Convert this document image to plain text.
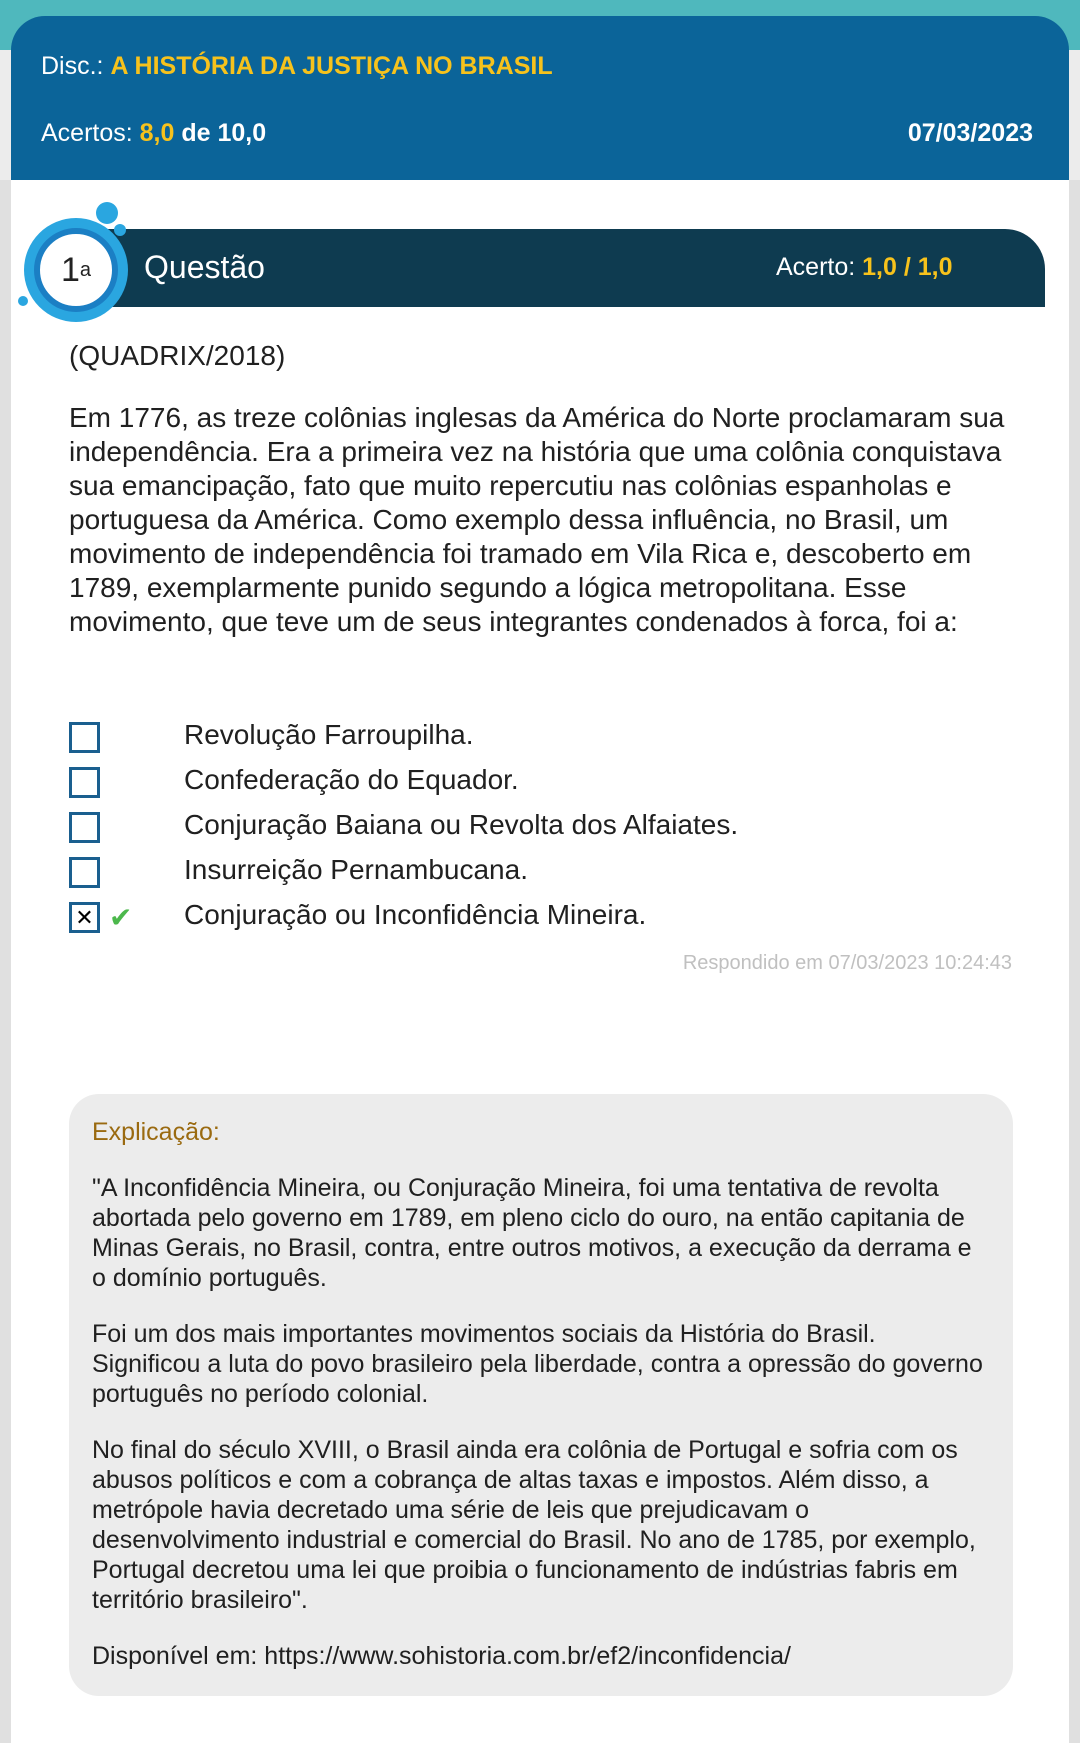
Disc.: A HISTÓRIA DA JUSTIÇA NO BRASIL
Acertos: 8,0 de 10,0	07/03/2023
Questão	Acerto: 1,0 / 1,0
1 a
(QUADRIX/2018)
Em 1776, as treze colônias inglesas da América do Norte proclamaram sua independência. Era a primeira vez na história que uma colônia conquistava sua emancipação, fato que muito repercutiu nas colônias espanholas e portuguesa da América. Como exemplo dessa influência, no Brasil, um movimento de independência foi tramado em Vila Rica e, descoberto em 1789, exemplarmente punido segundo a lógica metropolitana. Esse movimento, que teve um de seus integrantes condenados à forca, foi a:
Revolução Farroupilha.
Confederação do Equador.
Conjuração Baiana ou Revolta dos Alfaiates.
Insurreição Pernambucana.
✕ ✔ Conjuração ou Inconfidência Mineira.
Respondido em 07/03/2023 10:24:43
Explicação:

"A Inconfidência Mineira, ou Conjuração Mineira, foi uma tentativa de revolta abortada pelo governo em 1789, em pleno ciclo do ouro, na então capitania de Minas Gerais, no Brasil, contra, entre outros motivos, a execução da derrama e o domínio português.

Foi um dos mais importantes movimentos sociais da História do Brasil. Significou a luta do povo brasileiro pela liberdade, contra a opressão do governo português no período colonial.

No final do século XVIII, o Brasil ainda era colônia de Portugal e sofria com os abusos políticos e com a cobrança de altas taxas e impostos. Além disso, a metrópole havia decretado uma série de leis que prejudicavam o desenvolvimento industrial e comercial do Brasil. No ano de 1785, por exemplo, Portugal decretou uma lei que proibia o funcionamento de indústrias fabris em território brasileiro".

Disponível em: https://www.sohistoria.com.br/ef2/inconfidencia/
